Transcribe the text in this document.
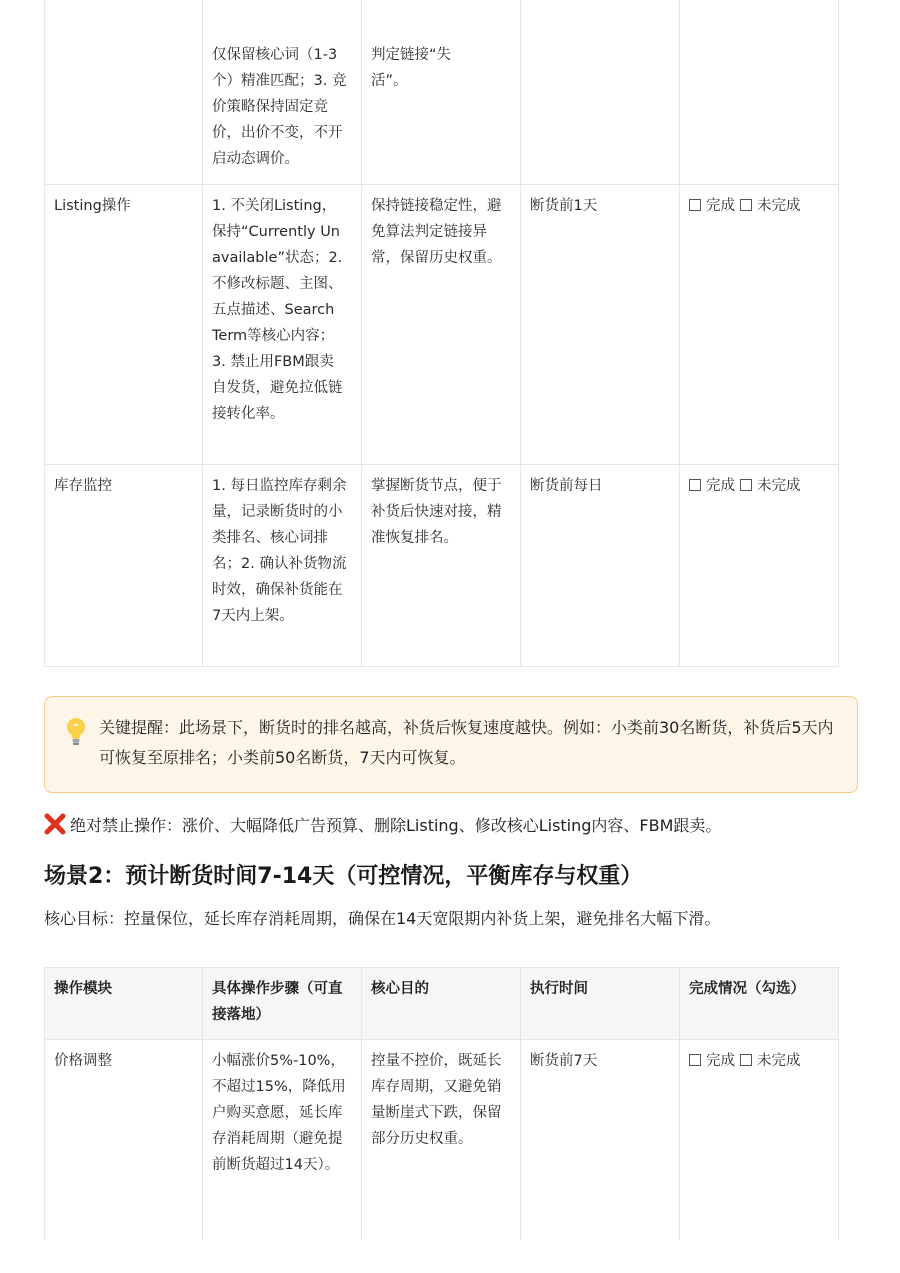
	仅保留核心词（1-3个）精准匹配；3. 竞价策略保持固定竞价，出价不变，不开启动态调价。	判定链接“失活”。		
Listing操作	1. 不关闭Listing，保持“Currently Unavailable”状态；2. 不修改标题、主图、五点描述、Search Term等核心内容；3. 禁止用FBM跟卖自发货，避免拉低链接转化率。	保持链接稳定性，避免算法判定链接异常，保留历史权重。	断货前1天	完成 未完成
库存监控	1. 每日监控库存剩余量，记录断货时的小类排名、核心词排名；2. 确认补货物流时效，确保补货能在7天内上架。	掌握断货节点，便于补货后快速对接，精准恢复排名。	断货前每日	完成 未完成
关键提醒：此场景下，断货时的排名越高，补货后恢复速度越快。例如：小类前30名断货，补货后5天内可恢复至原排名；小类前50名断货，7天内可恢复。
绝对禁止操作：涨价、大幅降低广告预算、删除Listing、修改核心Listing内容、FBM跟卖。
场景2：预计断货时间7-14天（可控情况，平衡库存与权重）
核心目标：控量保位，延长库存消耗周期，确保在14天宽限期内补货上架，避免排名大幅下滑。
操作模块	具体操作步骤（可直接落地）	核心目的	执行时间	完成情况（勾选）
价格调整	小幅涨价5%-10%，不超过15%，降低用户购买意愿，延长库存消耗周期（避免提前断货超过14天）。	控量不控价，既延长库存周期，又避免销量断崖式下跌，保留部分历史权重。	断货前7天	完成 未完成
